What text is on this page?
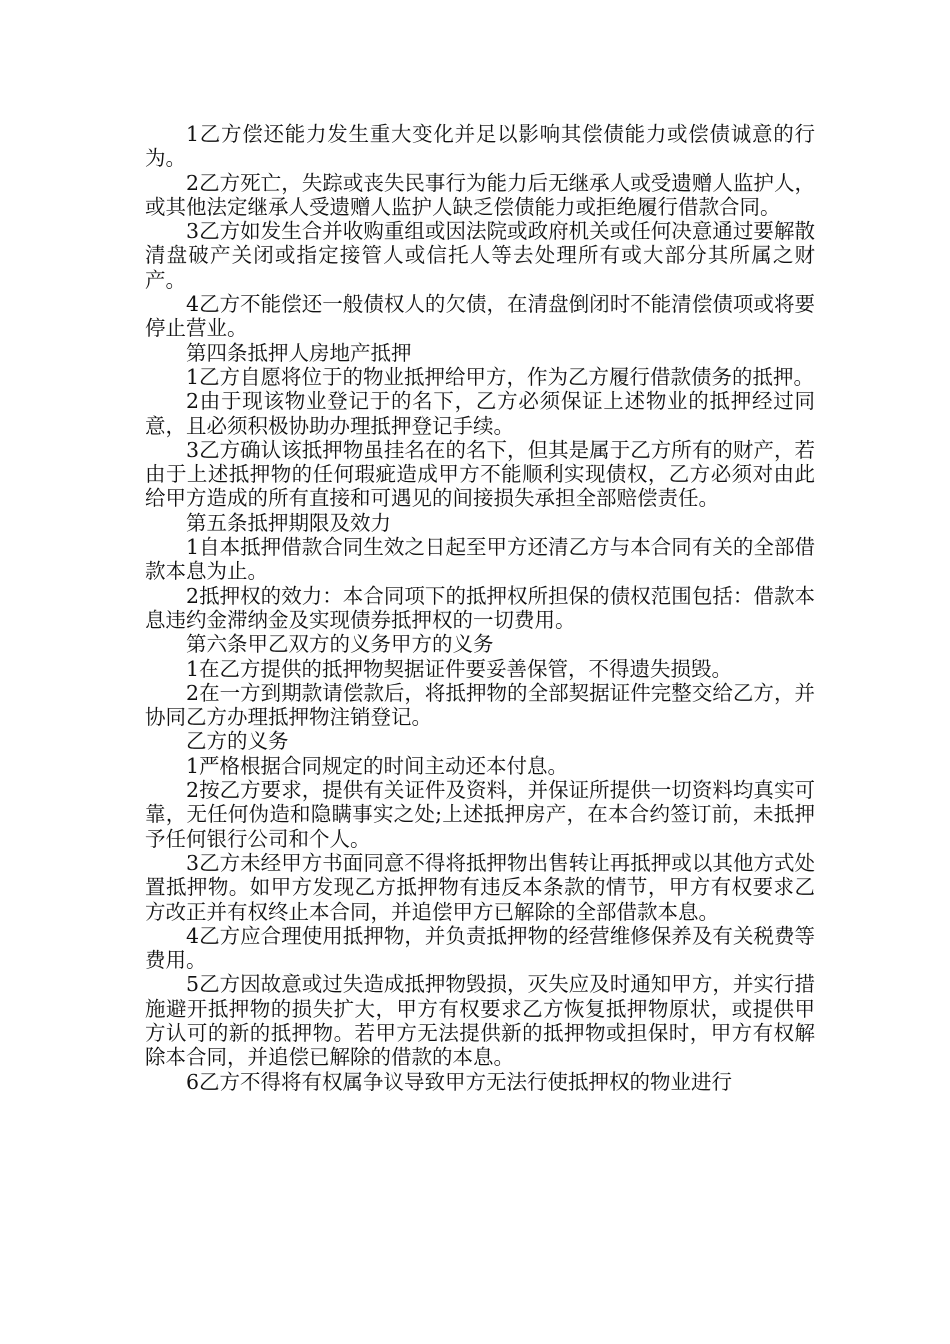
1乙方偿还能力发生重大变化并足以影响其偿债能力或偿债诚意的行为。

2乙方死亡，失踪或丧失民事行为能力后无继承人或受遗赠人监护人，或其他法定继承人受遗赠人监护人缺乏偿债能力或拒绝履行借款合同。

3乙方如发生合并收购重组或因法院或政府机关或任何决意通过要解散清盘破产关闭或指定接管人或信托人等去处理所有或大部分其所属之财产。

4乙方不能偿还一般债权人的欠债，在清盘倒闭时不能清偿债项或将要停止营业。

第四条抵押人房地产抵押

1乙方自愿将位于的物业抵押给甲方，作为乙方履行借款债务的抵押。

2由于现该物业登记于的名下，乙方必须保证上述物业的抵押经过同意，且必须积极协助办理抵押登记手续。

3乙方确认该抵押物虽挂名在的名下，但其是属于乙方所有的财产，若由于上述抵押物的任何瑕疵造成甲方不能顺利实现债权，乙方必须对由此给甲方造成的所有直接和可遇见的间接损失承担全部赔偿责任。

第五条抵押期限及效力

1自本抵押借款合同生效之日起至甲方还清乙方与本合同有关的全部借款本息为止。

2抵押权的效力：本合同项下的抵押权所担保的债权范围包括：借款本息违约金滞纳金及实现债券抵押权的一切费用。

第六条甲乙双方的义务甲方的义务

1在乙方提供的抵押物契据证件要妥善保管，不得遗失损毁。

2在一方到期款请偿款后，将抵押物的全部契据证件完整交给乙方，并协同乙方办理抵押物注销登记。

乙方的义务

1严格根据合同规定的时间主动还本付息。

2按乙方要求，提供有关证件及资料，并保证所提供一切资料均真实可靠，无任何伪造和隐瞒事实之处;上述抵押房产，在本合约签订前，未抵押予任何银行公司和个人。

3乙方未经甲方书面同意不得将抵押物出售转让再抵押或以其他方式处置抵押物。如甲方发现乙方抵押物有违反本条款的情节，甲方有权要求乙方改正并有权终止本合同，并追偿甲方已解除的全部借款本息。

4乙方应合理使用抵押物，并负责抵押物的经营维修保养及有关税费等费用。

5乙方因故意或过失造成抵押物毁损，灭失应及时通知甲方，并实行措施避开抵押物的损失扩大，甲方有权要求乙方恢复抵押物原状，或提供甲方认可的新的抵押物。若甲方无法提供新的抵押物或担保时，甲方有权解除本合同，并追偿已解除的借款的本息。

6乙方不得将有权属争议导致甲方无法行使抵押权的物业进行
